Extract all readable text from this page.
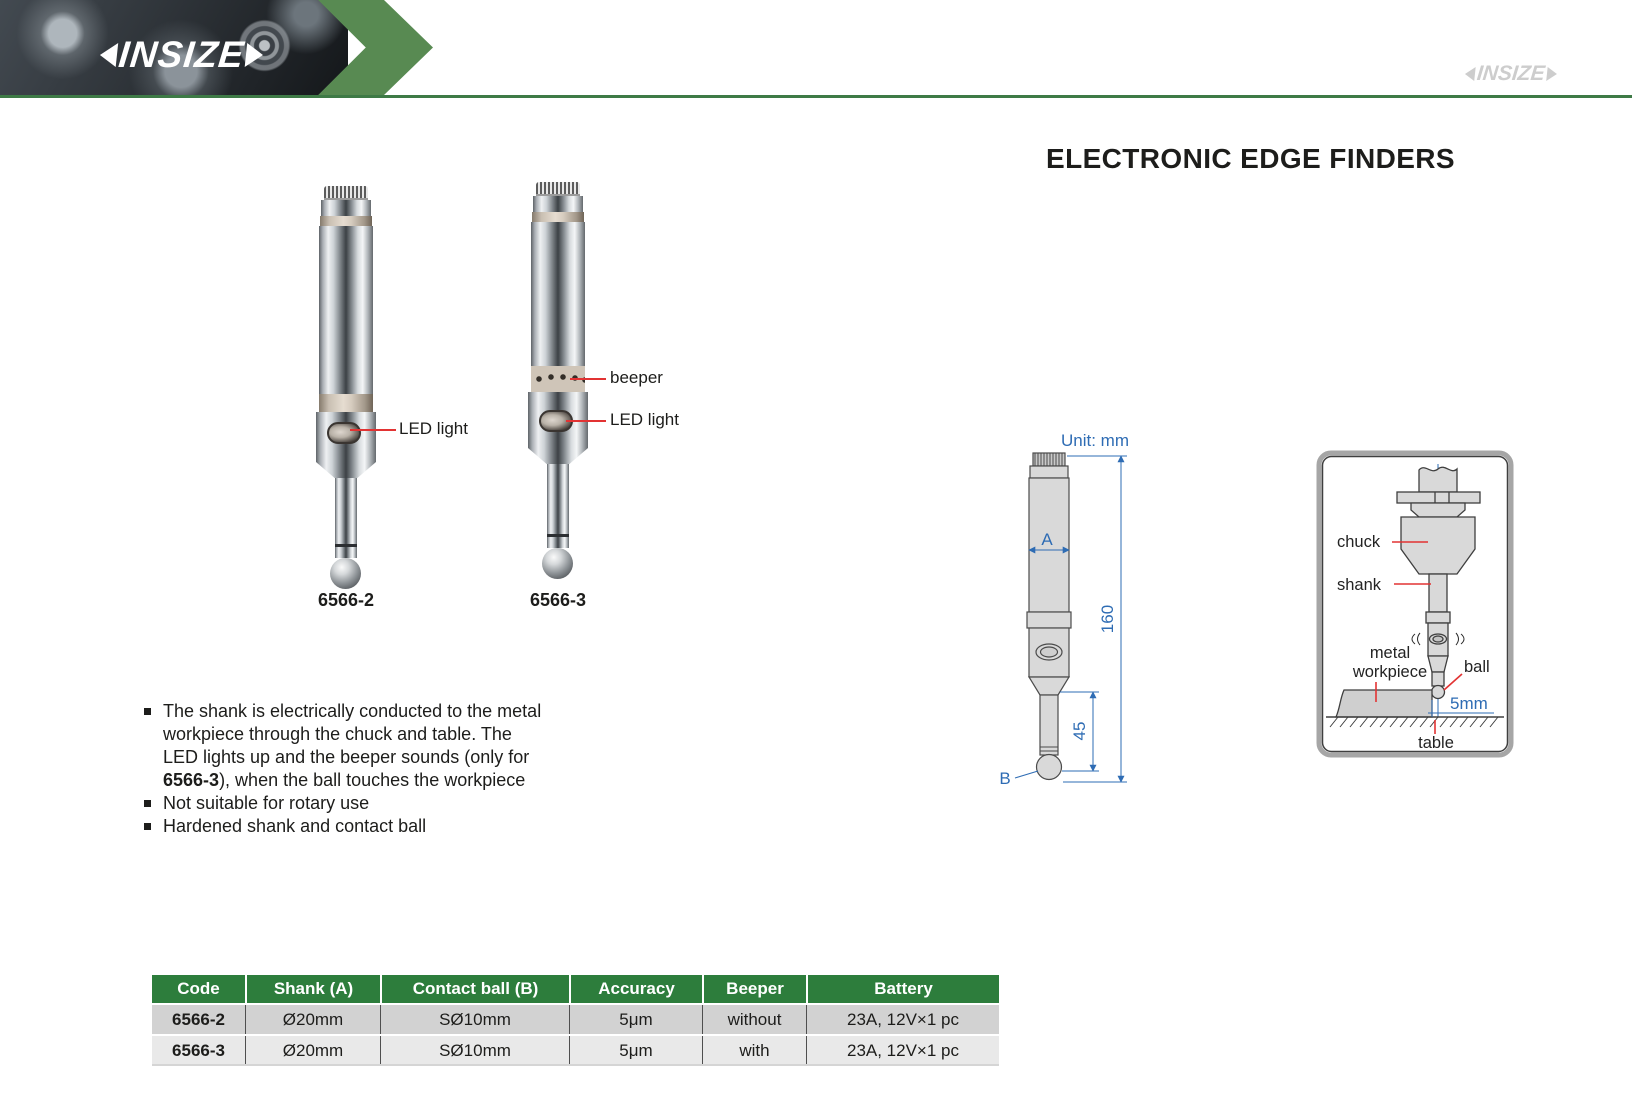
INSIZE	INSIZE
ELECTRONIC EDGE FINDERS
LED light
beeper
LED light
6566-2	6566-3
The shank is electrically conducted to the metal workpiece through the chuck and table. The LED lights up and the beeper sounds (only for 6566-3), when the ball touches the workpiece
Not suitable for rotary use
Hardened shank and contact ball
Unit: mm
A
160
45
B
chuck
shank
metal
workpiece ball
5mm
table
Code	Shank (A)	Contact ball (B)	Accuracy	Beeper	Battery
6566-2	Ø20mm	SØ10mm	5μm	without	23A, 12V×1 pc
6566-3	Ø20mm	SØ10mm	5μm	with	23A, 12V×1 pc
